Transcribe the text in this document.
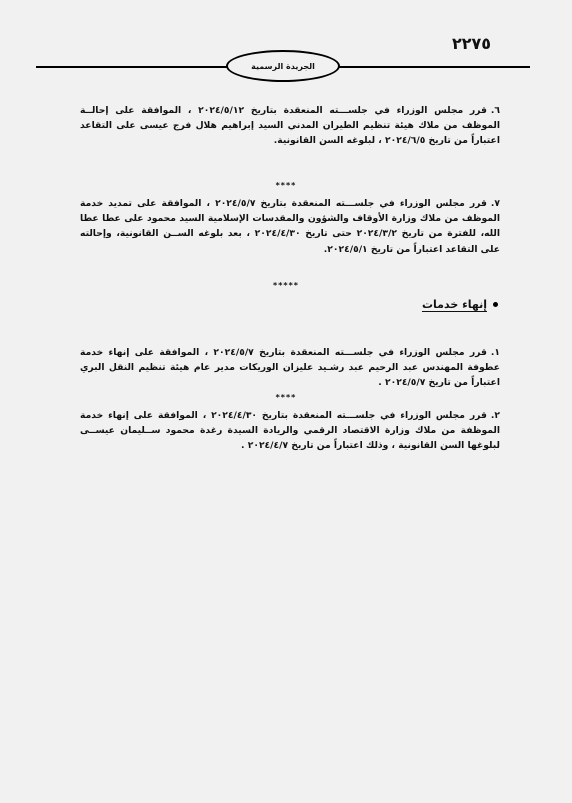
٢٢٧٥
الجريدة الرسمية
٦.قرر مجلس الوزراء في جلســـته المنعقدة بتاريخ ٢٠٢٤/٥/١٢ ، الموافقة على إحالــة الموظف من ملاك هيئة تنظيم الطيران المدني السيد إبراهيم هلال فرج عيسى على التقاعد اعتباراً من تاريخ ٢٠٢٤/٦/٥ ، لبلوغه السن القانونية.
****
٧.قرر مجلس الوزراء في جلســـته المنعقدة بتاريخ ٢٠٢٤/٥/٧ ، الموافقة على تمديد خدمة الموظف من ملاك وزارة الأوقاف والشؤون والمقدسات الإسلامية السيد محمود على عطا عطا الله، للفترة من تاريخ ٢٠٢٤/٣/٢ حتى تاريخ ٢٠٢٤/٤/٣٠ ، بعد بلوغه الســن القانونية، وإحالته على التقاعد اعتباراً من تاريخ ٢٠٢٤/٥/١.
*****
إنهاء خدمات
١.قرر مجلس الوزراء في جلســـته المنعقدة بتاريخ ٢٠٢٤/٥/٧ ، الموافقة على إنهاء خدمة عطوفة المهندس عبد الرحيم عبد رشـيد عليزان الوريكات مدير عام هيئة تنظيم النقل البري اعتباراً من تاريخ ٢٠٢٤/٥/٧ .
****
٢.قرر مجلس الوزراء في جلســـته المنعقدة بتاريخ ٢٠٢٤/٤/٣٠ ، الموافقة على إنهاء خدمة الموظفة من ملاك وزارة الاقتصاد الرقمي والريادة السيدة رغدة محمود ســليمان عيســى لبلوغها السن القانونية ، وذلك اعتباراً من تاريخ ٢٠٢٤/٤/٧ .
